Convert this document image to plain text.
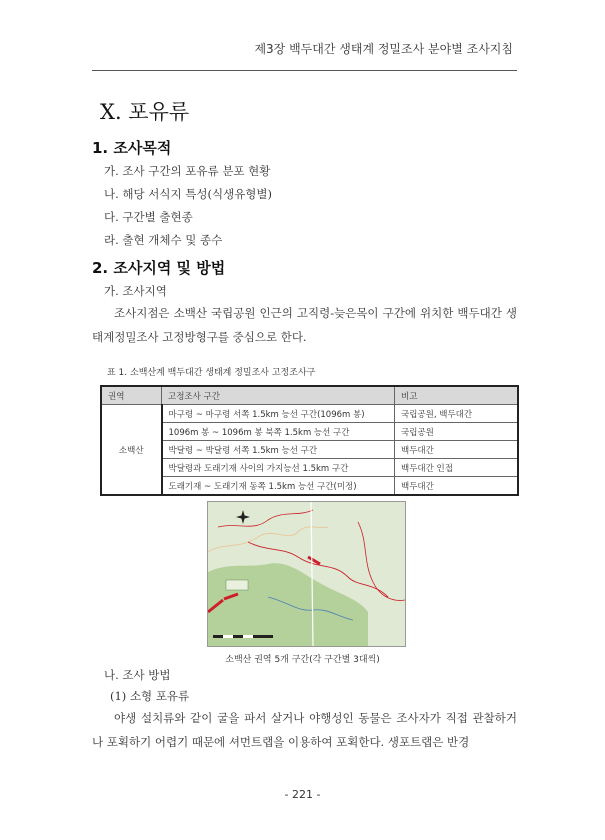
제3장 백두대간 생태계 정밀조사 분야별 조사지침
Ⅹ. 포유류
1. 조사목적
가. 조사 구간의 포유류 분포 현황
나. 해당 서식지 특성(식생유형별)
다. 구간별 출현종
라. 출현 개체수 및 종수
2. 조사지역 및 방법
가. 조사지역
조사지점은 소백산 국립공원 인근의 고직령-늦은목이 구간에 위치한 백두대간 생태계정밀조사 고정방형구를 중심으로 한다.
표 1. 소백산계 백두대간 생태계 정밀조사 고정조사구
권역	고정조사 구간	비고
소백산	마구령 ~ 마구령 서쪽 1.5km 능선 구간(1096m 봉)	국립공원, 백두대간
	1096m 봉 ~ 1096m 봉 북쪽 1.5km 능선 구간	국립공원
	박달령 ~ 박달령 서쪽 1.5km 능선 구간	백두대간
	박달령과 도래기재 사이의 가지능선 1.5km 구간	백두대간 인접
	도래기재 ~ 도래기재 동쪽 1.5km 능선 구간(미정)	백두대간
소백산 권역 5개 구간(각 구간별 3대씩)
나. 조사 방법
(1) 소형 포유류
야생 설치류와 같이 굴을 파서 살거나 야행성인 동물은 조사자가 직접 관찰하거나 포획하기 어렵기 때문에 셔먼트랩을 이용하여 포획한다. 생포트랩은 반경
- 221 -
